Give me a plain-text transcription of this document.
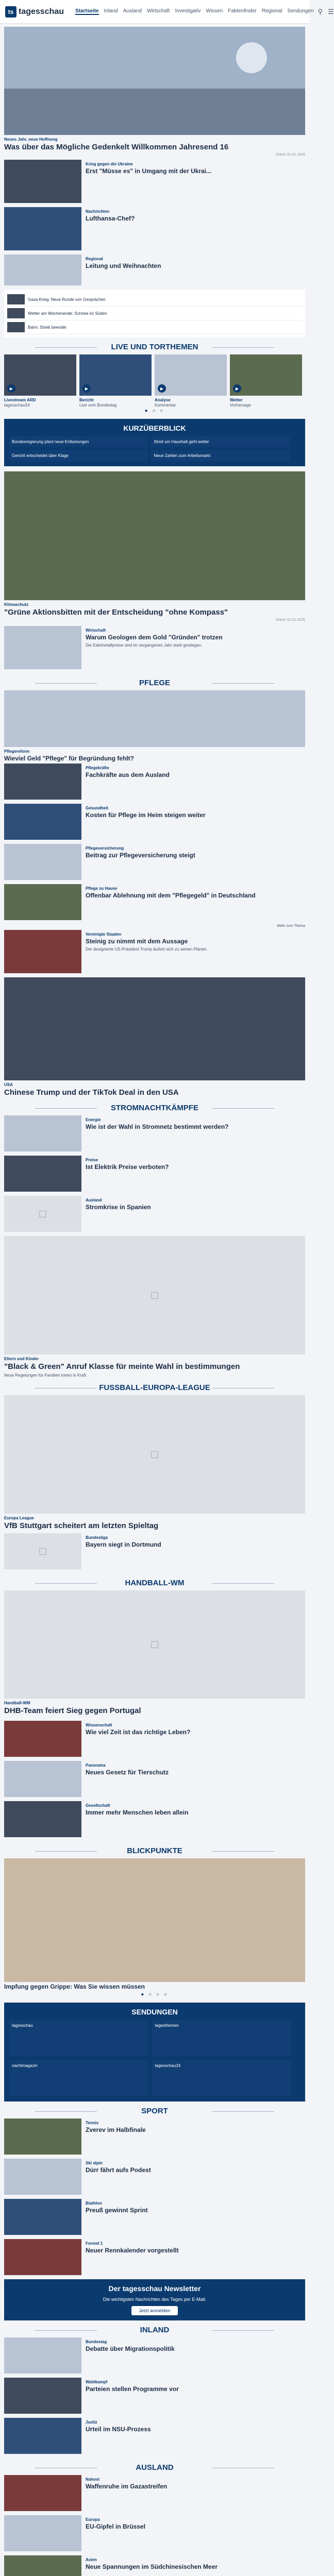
ts tagesschau Startseite Inland Ausland Wirtschaft Investigativ Wissen Faktenfinder Regional Sendungen ⚲ ☰
Neues Jahr, neue Hoffnung
Was über das Mögliche Gedenkelt Willkommen Jahresend 16
Stand: 01.01.2025
Krieg gegen die Ukraine
Erst "Müsse es" in Umgang mit der Ukrai...
Nachrichten
Lufthansa-Chef?
Regional
Leitung und Weihnachten
Gaza-Krieg: Neue Runde von Gesprächen
Wetter am Wochenende: Schnee im Süden
Bahn: Streik beendet
LIVE UND TORTHEMEN
▶
Livestream ARD
tagesschau24
▶
Bericht
Live vom Bundestag
▶
Analyse
Kommentar
▶
Wetter
Vorhersage
● ○ ○
KURZÜBERBLICK
Bundesregierung plant neue Entlastungen	Streit um Haushalt geht weiter
Gericht entscheidet über Klage	Neue Zahlen zum Arbeitsmarkt
Klimaschutz
"Grüne Aktionsbitten mit der Entscheidung "ohne Kompass"
Stand: 01.01.2025
Wirtschaft
Warum Geologen dem Gold "Gründen" trotzen
Die Edelmetallpreise sind im vergangenen Jahr stark gestiegen.
PFLEGE
Pflegereform
Wieviel Geld "Pflege" für Begründung fehlt?
Pflegekräfte
Fachkräfte aus dem Ausland
Gesundheit
Kosten für Pflege im Heim steigen weiter
Pflegeversicherung
Beitrag zur Pflegeversicherung steigt
Pflege zu Hause
Offenbar Ablehnung mit dem "Pflegegeld" in Deutschland
Mehr zum Thema
Vereinigte Staaten
Steinig zu nimmt mit dem Aussage
Der designierte US-Präsident Trump äußert sich zu seinen Plänen.
USA
Chinese Trump und der TikTok Deal in den USA
STROMNACHTKÄMPFE
Energie
Wie ist der Wahl in Stromnetz bestimmt werden?
Preise
Ist Elektrik Preise verboten?
□
Ausland
Stromkrise in Spanien
□
Eltern und Kinder
"Black & Green" Anruf Klasse für meinte Wahl in bestimmungen
Neue Regelungen für Familien treten in Kraft.
FUSSBALL-EUROPA-LEAGUE
□
Europa League
VfB Stuttgart scheitert am letzten Spieltag
□
Bundesliga
Bayern siegt in Dortmund
HANDBALL-WM
□
Handball-WM
DHB-Team feiert Sieg gegen Portugal
Wissenschaft
Wie viel Zeit ist das richtige Leben?
Panorama
Neues Gesetz für Tierschutz
Gesellschaft
Immer mehr Menschen leben allein
BLICKPUNKTE
Impfung gegen Grippe: Was Sie wissen müssen
● ○ ○ ○
SENDUNGEN
tagesschau	tagesthemen
nachtmagazin	tagesschau24
SPORT
Tennis
Zverev im Halbfinale
Ski alpin
Dürr fährt aufs Podest
Biathlon
Preuß gewinnt Sprint
Formel 1
Neuer Rennkalender vorgestellt
Der tagesschau Newsletter
Die wichtigsten Nachrichten des Tages per E-Mail.
Jetzt anmelden
INLAND
Bundestag
Debatte über Migrationspolitik
Wahlkampf
Parteien stellen Programme vor
Justiz
Urteil im NSU-Prozess
AUSLAND
Nahost
Waffenruhe im Gazastreifen
Europa
EU-Gipfel in Brüssel
Asien
Neue Spannungen im Südchinesischen Meer
